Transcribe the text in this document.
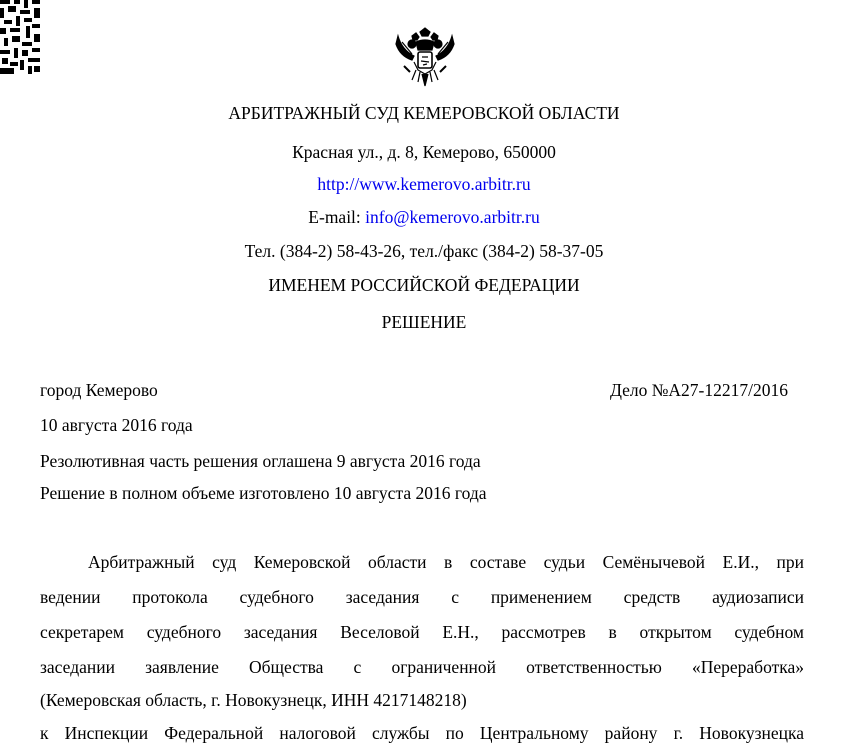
АРБИТРАЖНЫЙ СУД КЕМЕРОВСКОЙ ОБЛАСТИ
Красная ул., д. 8, Кемерово, 650000
http://www.kemerovo.arbitr.ru
E-mail: info@kemerovo.arbitr.ru
Тел. (384-2) 58-43-26, тел./факс (384-2) 58-37-05
ИМЕНЕМ РОССИЙСКОЙ ФЕДЕРАЦИИ
РЕШЕНИЕ
город Кемерово	Дело №А27-12217/2016
10 августа 2016 года
Резолютивная часть решения оглашена 9 августа 2016 года
Решение в полном объеме изготовлено 10 августа 2016 года
Арбитражный суд Кемеровской области в составе судьи Семёнычевой Е.И., при
ведении протокола судебного заседания с применением средств аудиозаписи
секретарем судебного заседания Веселовой Е.Н., рассмотрев в открытом судебном
заседании заявление Общества с ограниченной ответственностью «Переработка»
(Кемеровская область, г. Новокузнецк, ИНН 4217148218)
к Инспекции Федеральной налоговой службы по Центральному району г. Новокузнецка
